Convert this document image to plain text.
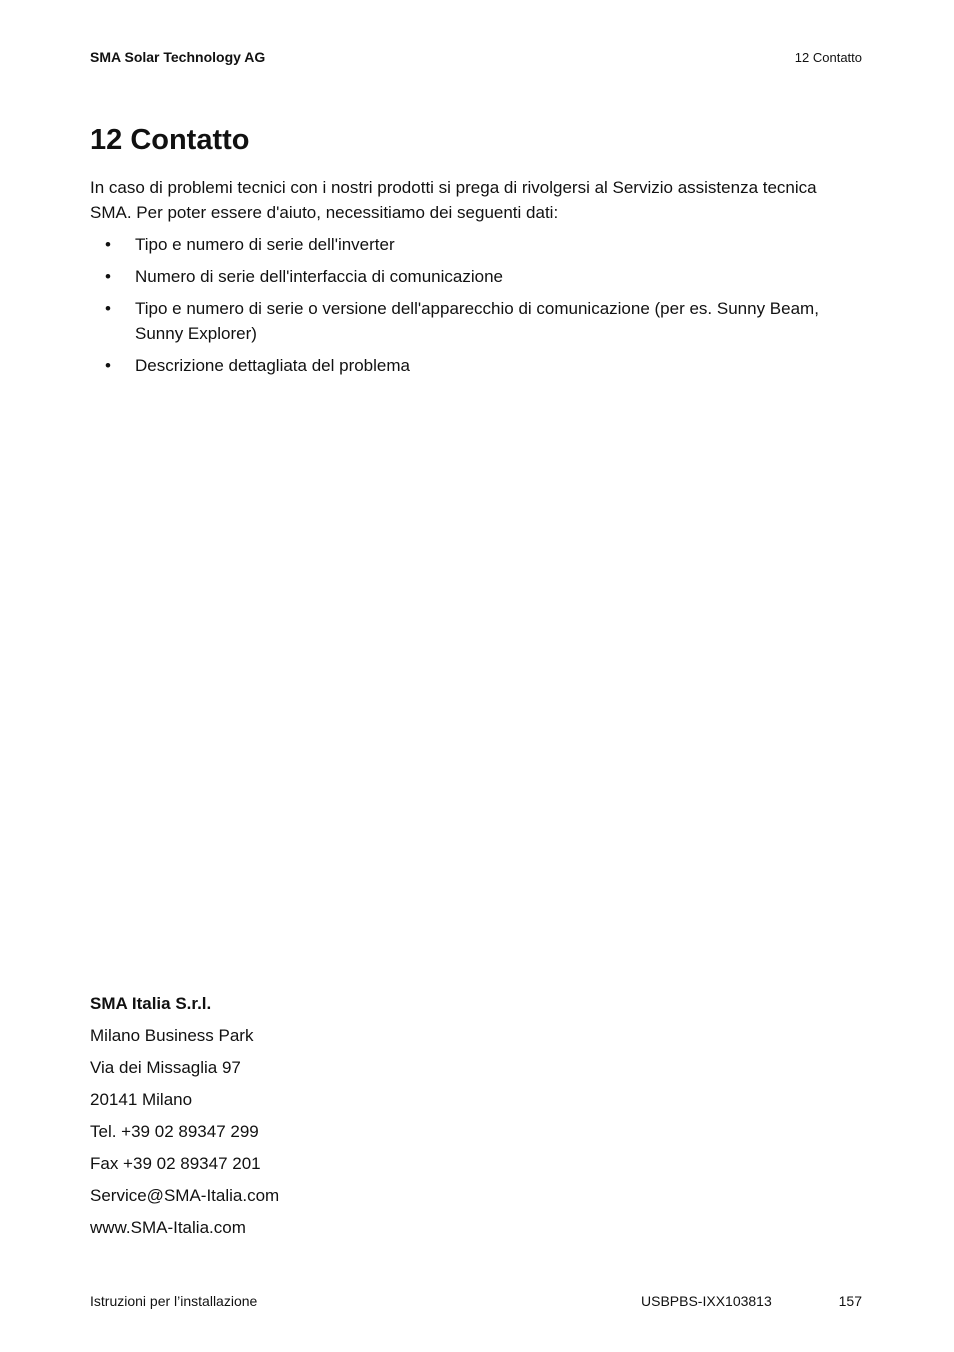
SMA Solar Technology AG	12 Contatto
12 Contatto

In caso di problemi tecnici con i nostri prodotti si prega di rivolgersi al Servizio assistenza tecnica SMA. Per poter essere d'aiuto, necessitiamo dei seguenti dati:

• Tipo e numero di serie dell'inverter
• Numero di serie dell'interfaccia di comunicazione
• Tipo e numero di serie o versione dell'apparecchio di comunicazione (per es. Sunny Beam, Sunny Explorer)
• Descrizione dettagliata del problema
SMA Italia S.r.l.
Milano Business Park
Via dei Missaglia 97
20141 Milano
Tel. +39 02 89347 299
Fax +39 02 89347 201
Service@SMA-Italia.com
www.SMA-Italia.com
Istruzioni per l’installazione	USBPBS-IXX103813	157
